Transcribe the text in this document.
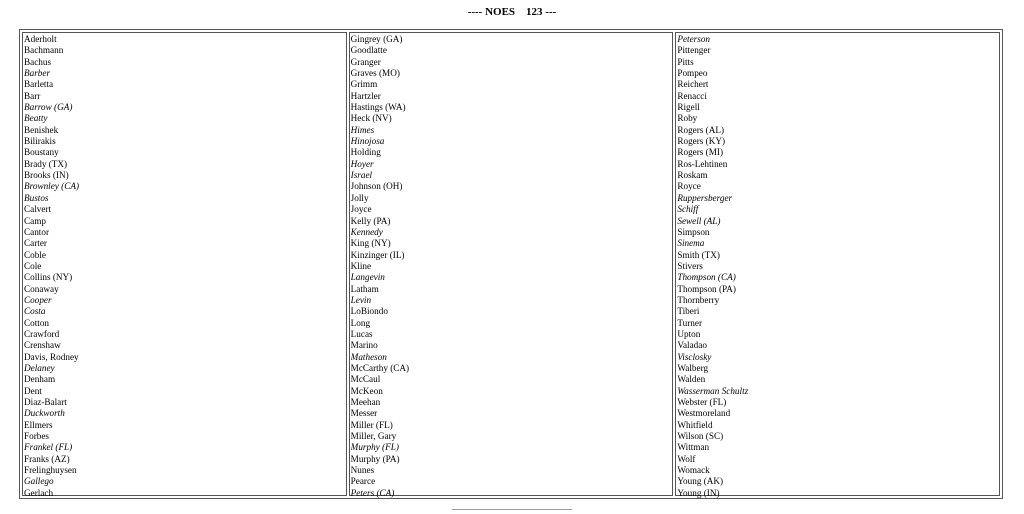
---- NOES    123 ---
Aderholt
Bachmann
Bachus
Barber
Barletta
Barr
Barrow (GA)
Beatty
Benishek
Bilirakis
Boustany
Brady (TX)
Brooks (IN)
Brownley (CA)
Bustos
Calvert
Camp
Cantor
Carter
Coble
Cole
Collins (NY)
Conaway
Cooper
Costa
Cotton
Crawford
Crenshaw
Davis, Rodney
Delaney
Denham
Dent
Diaz-Balart
Duckworth
Ellmers
Forbes
Frankel (FL)
Franks (AZ)
Frelinghuysen
Gallego
Gerlach
Gingrey (GA)
Goodlatte
Granger
Graves (MO)
Grimm
Hartzler
Hastings (WA)
Heck (NV)
Himes
Hinojosa
Holding
Hoyer
Israel
Johnson (OH)
Jolly
Joyce
Kelly (PA)
Kennedy
King (NY)
Kinzinger (IL)
Kline
Langevin
Latham
Levin
LoBiondo
Long
Lucas
Marino
Matheson
McCarthy (CA)
McCaul
McKeon
Meehan
Messer
Miller (FL)
Miller, Gary
Murphy (FL)
Murphy (PA)
Nunes
Pearce
Peters (CA)
Peterson
Pittenger
Pitts
Pompeo
Reichert
Renacci
Rigell
Roby
Rogers (AL)
Rogers (KY)
Rogers (MI)
Ros-Lehtinen
Roskam
Royce
Ruppersberger
Schiff
Sewell (AL)
Simpson
Sinema
Smith (TX)
Stivers
Thompson (CA)
Thompson (PA)
Thornberry
Tiberi
Turner
Upton
Valadao
Visclosky
Walberg
Walden
Wasserman Schultz
Webster (FL)
Westmoreland
Whitfield
Wilson (SC)
Wittman
Wolf
Womack
Young (AK)
Young (IN)
